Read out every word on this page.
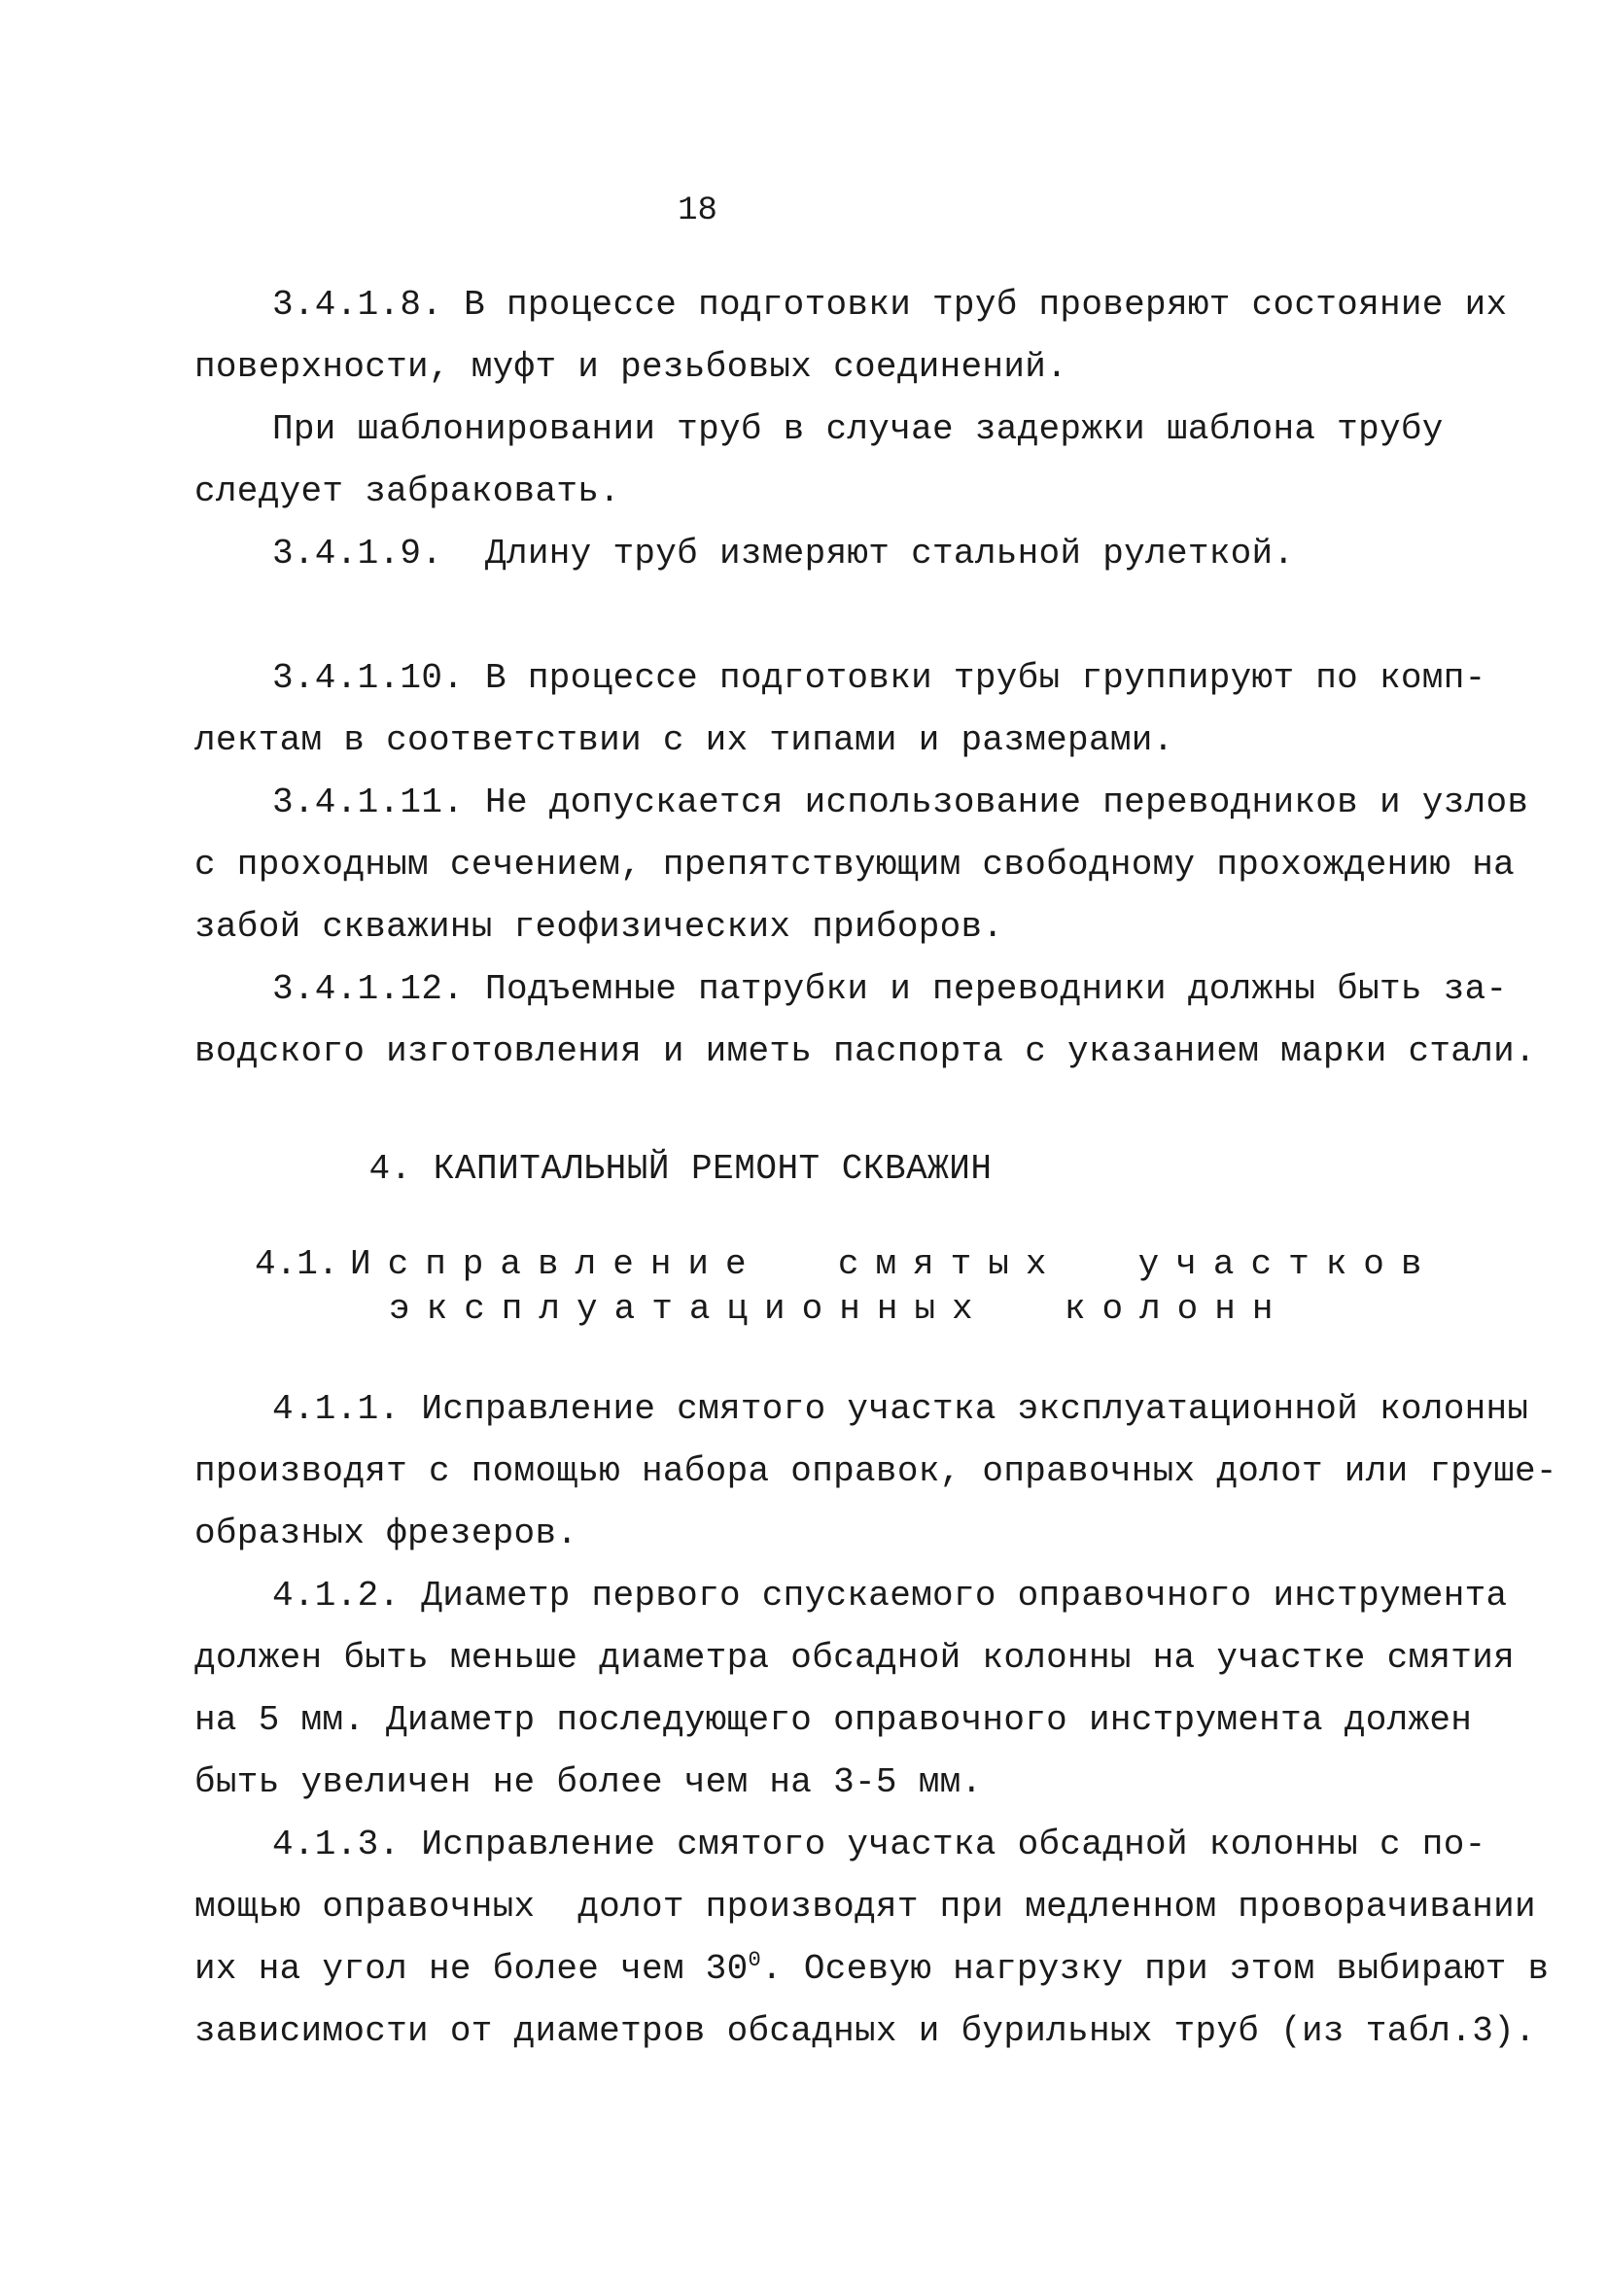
18
3.4.1.8. В процессе подготовки труб проверяют состояние их
поверхности, муфт и резьбовых соединений.
При шаблонировании труб в случае задержки шаблона трубу
следует забраковать.
3.4.1.9.  Длину труб измеряют стальной рулеткой.
3.4.1.10. В процессе подготовки трубы группируют по комп-
лектам в соответствии с их типами и размерами.
3.4.1.11. Не допускается использование переводников и узлов
с проходным сечением, препятствующим свободному прохождению на
забой скважины геофизических приборов.
3.4.1.12. Подъемные патрубки и переводники должны быть за-
водского изготовления и иметь паспорта с указанием марки стали.
4. КАПИТАЛЬНЫЙ РЕМОНТ СКВАЖИН
4.1. Исправление  смятых  участков
эксплуатационных  колонн
4.1.1. Исправление смятого участка эксплуатационной колонны
производят с помощью набора оправок, оправочных долот или груше-
образных фрезеров.
4.1.2. Диаметр первого спускаемого оправочного инструмента
должен быть меньше диаметра обсадной колонны на участке смятия
на 5 мм. Диаметр последующего оправочного инструмента должен
быть увеличен не более чем на 3-5 мм.
4.1.3. Исправление смятого участка обсадной колонны с по-
мощью оправочных  долот производят при медленном проворачивании
их на угол не более чем $30^0$. Осевую нагрузку при этом выбирают в
зависимости от диаметров обсадных и бурильных труб (из табл.3).
